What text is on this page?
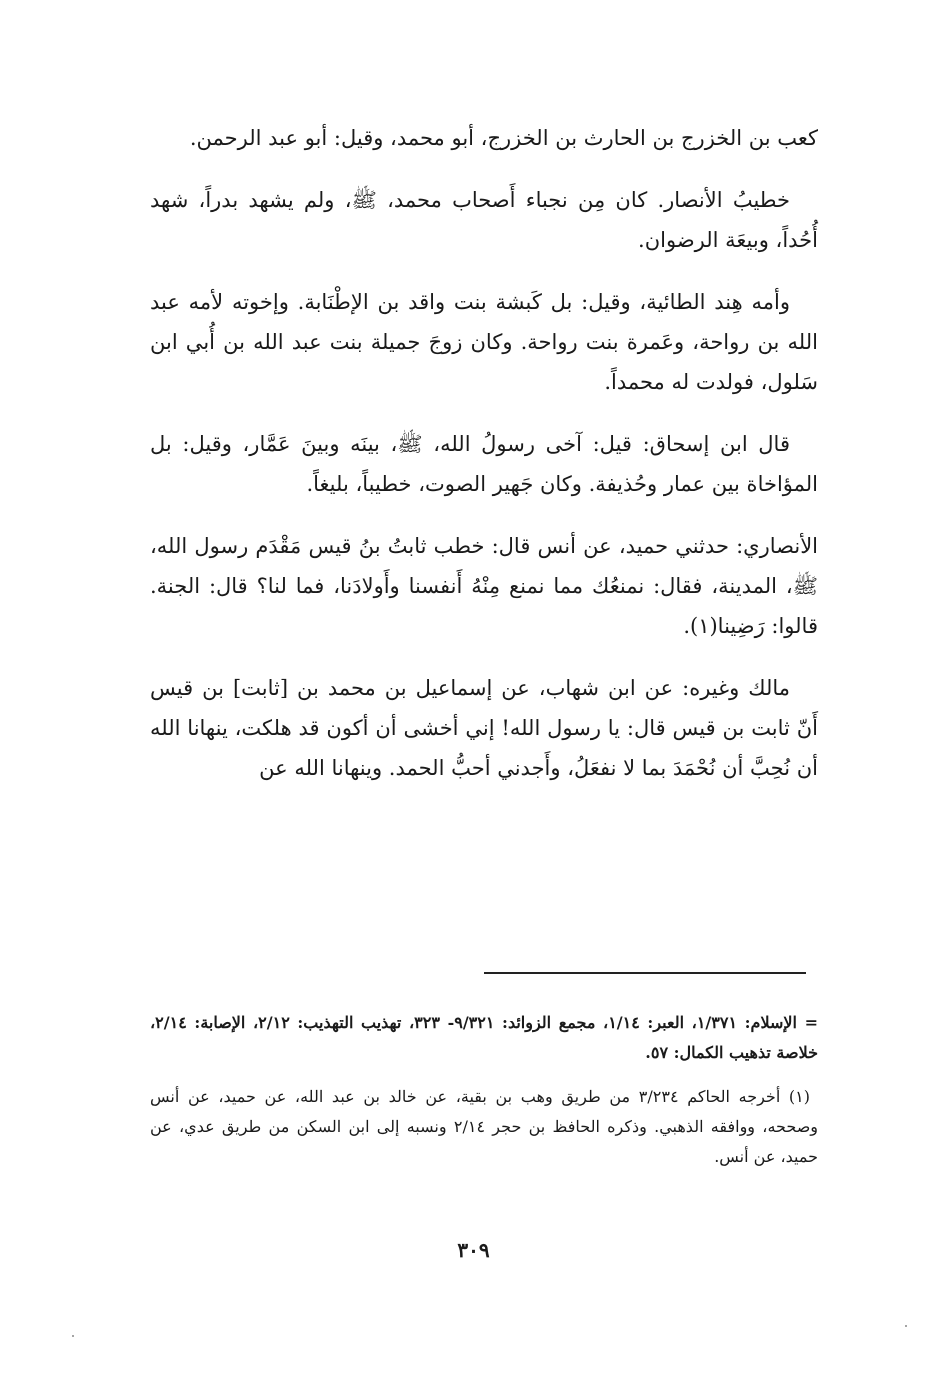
كعب بن الخزرج بن الحارث بن الخزرج، أبو محمد، وقيل: أبو عبد الرحمن.

خطيبُ الأنصار. كان مِن نجباء أَصحاب محمد، ﷺ، ولم يشهد بدراً، شهد أُحُداً، وبيعَة الرضوان.

وأمه هِند الطائية، وقيل: بل كَبشة بنت واقد بن الإطْنَابة. وإخوته لأمه عبد الله بن رواحة، وعَمرة بنت رواحة. وكان زوجَ جميلة بنت عبد الله بن أُبي ابن سَلول، فولدت له محمداً.

قال ابن إسحاق: قيل: آخى رسولُ الله، ﷺ، بينَه وبينَ عَمَّار، وقيل: بل المؤاخاة بين عمار وحُذيفة. وكان جَهير الصوت، خطيباً، بليغاً.

الأنصاري: حدثني حميد، عن أنس قال: خطب ثابتُ بنُ قيس مَقْدَم رسول الله، ﷺ، المدينة، فقال: نمنعُك مما نمنع مِنْهُ أَنفسنا وأَولادَنا، فما لنا؟ قال: الجنة. قالوا: رَضِينا(١).

مالك وغيره: عن ابن شهاب، عن إسماعيل بن محمد بن [ثابت] بن قيس أَنّ ثابت بن قيس قال: يا رسول الله! إني أخشى أن أكون قد هلكت، ينهانا الله أن نُحِبَّ أن نُحْمَدَ بما لا نفعَلُ، وأَجدني أحبُّ الحمد. وينهانا الله عن

= الإسلام: ١/٣٧١، العبر: ١/١٤، مجمع الزوائد: ٩/٣٢١- ٣٢٣، تهذيب التهذيب: ٢/١٢، الإصابة: ٢/١٤، خلاصة تذهيب الكمال: ٥٧.

(١) أخرجه الحاكم ٣/٢٣٤ من طريق وهب بن بقية، عن خالد بن عبد الله، عن حميد، عن أنس وصححه، ووافقه الذهبي. وذكره الحافظ بن حجر ٢/١٤ ونسبه إلى ابن السكن من طريق عدي، عن حميد، عن أنس.

٣٠٩
